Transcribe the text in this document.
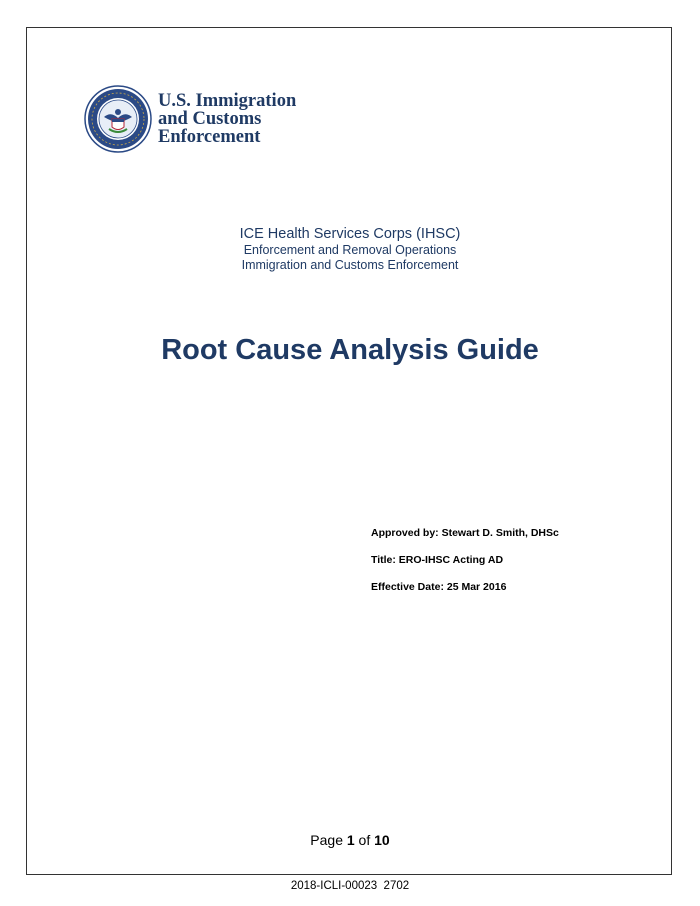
U.S. Immigration
and Customs
Enforcement
ICE Health Services Corps (IHSC)
Enforcement and Removal Operations
Immigration and Customs Enforcement
Root Cause Analysis Guide
Approved by: Stewart D. Smith, DHSc
Title: ERO-IHSC Acting AD
Effective Date: 25 Mar 2016
Page 1 of 10
2018-ICLI-00023  2702
